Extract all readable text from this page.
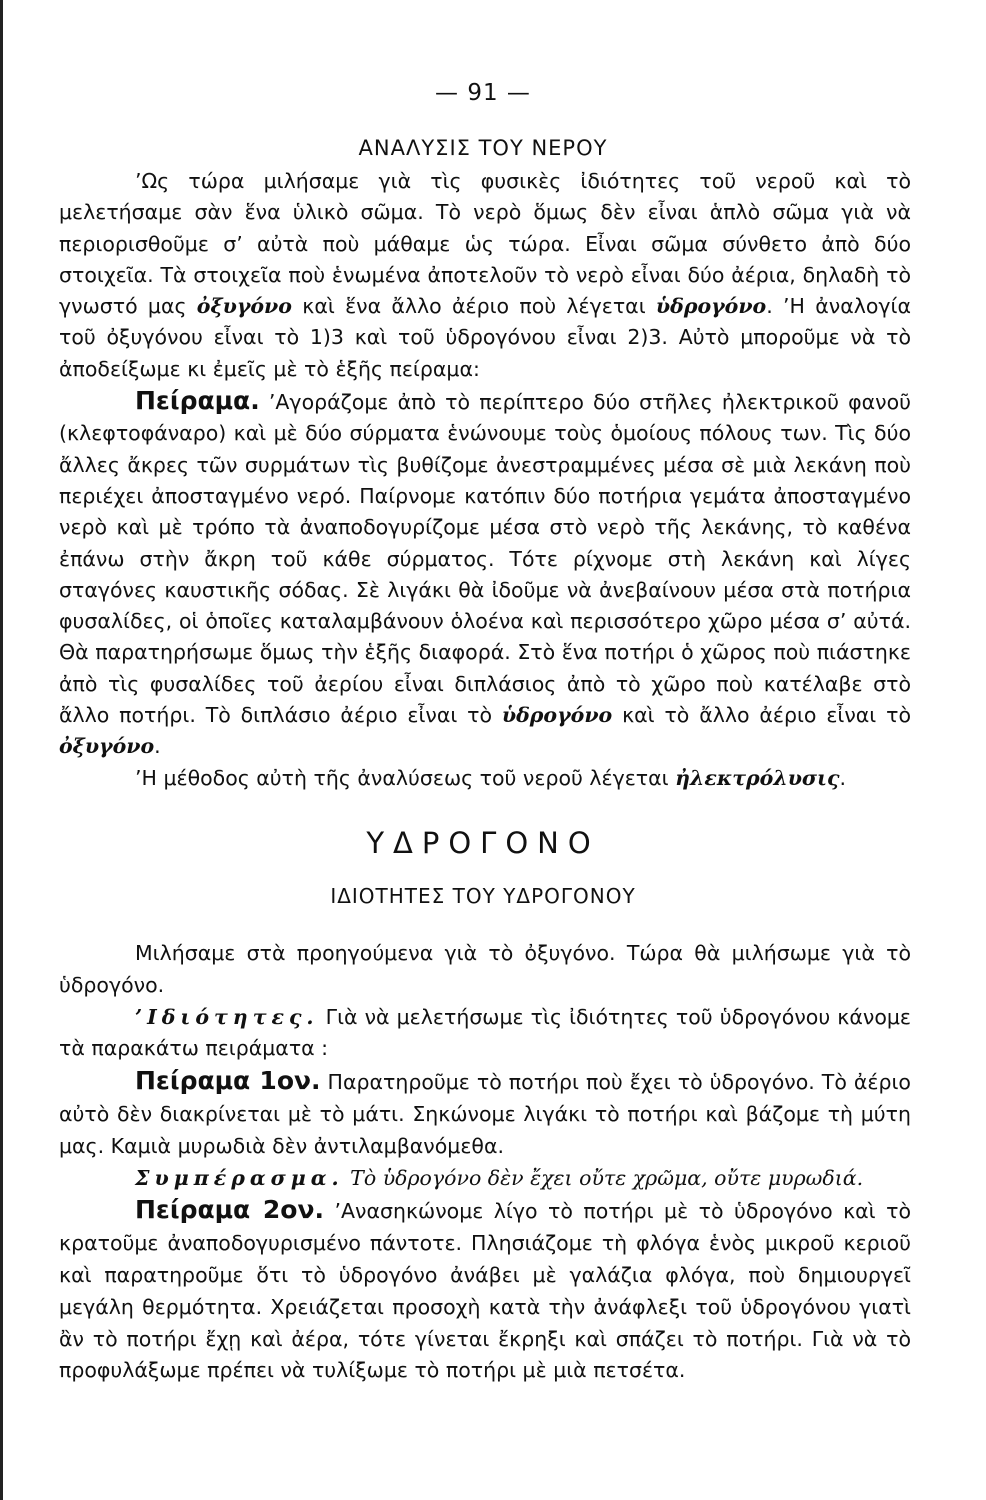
— 91 —
ΑΝΑΛΥΣΙΣ ΤΟΥ ΝΕΡΟΥ

’Ως τώρα μιλήσαμε γιὰ τὶς φυσικὲς ἰδιότητες τοῦ νεροῦ καὶ τὸ μελετήσαμε σὰν ἕνα ὑλικὸ σῶμα. Τὸ νερὸ ὅμως δὲν εἶναι ἁπλὸ σῶμα γιὰ νὰ περιορισθοῦμε σ’ αὐτὰ ποὺ μάθαμε ὡς τώρα. Εἶναι σῶμα σύνθετο ἀπὸ δύο στοιχεῖα. Τὰ στοιχεῖα ποὺ ἑνωμένα ἀποτελοῦν τὸ νερὸ εἶναι δύο ἀέρια, δηλαδὴ τὸ γνωστό μας ὀξυγόνο καὶ ἕνα ἄλλο ἀέριο ποὺ λέγεται ὑδρογόνο. ’Η ἀναλογία τοῦ ὀξυγόνου εἶναι τὸ 1)3 καὶ τοῦ ὑδρογόνου εἶναι 2)3. Αὐτὸ μποροῦμε νὰ τὸ ἀποδείξωμε κι ἐμεῖς μὲ τὸ ἑξῆς πείραμα:

Πείραμα. ’Αγοράζομε ἀπὸ τὸ περίπτερο δύο στῆλες ἠλεκτρικοῦ φανοῦ (κλεφτοφάναρο) καὶ μὲ δύο σύρματα ἑνώνουμε τοὺς ὁμοίους πόλους των. Τὶς δύο ἄλλες ἄκρες τῶν συρμάτων τὶς βυθίζομε ἀνεστραμμένες μέσα σὲ μιὰ λεκάνη ποὺ περιέχει ἀποσταγμένο νερό. Παίρνομε κατόπιν δύο ποτήρια γεμάτα ἀποσταγμένο νερὸ καὶ μὲ τρόπο τὰ ἀναποδογυρίζομε μέσα στὸ νερὸ τῆς λεκάνης, τὸ καθένα ἐπάνω στὴν ἄκρη τοῦ κάθε σύρματος. Τότε ρίχνομε στὴ λεκάνη καὶ λίγες σταγόνες καυστικῆς σόδας. Σὲ λιγάκι θὰ ἰδοῦμε νὰ ἀνεβαίνουν μέσα στὰ ποτήρια φυσαλίδες, οἱ ὁποῖες καταλαμβάνουν ὁλοένα καὶ περισσότερο χῶρο μέσα σ’ αὐτά. Θὰ παρατηρήσωμε ὅμως τὴν ἑξῆς διαφορά. Στὸ ἕνα ποτήρι ὁ χῶρος ποὺ πιάστηκε ἀπὸ τὶς φυσαλίδες τοῦ ἀερίου εἶναι διπλάσιος ἀπὸ τὸ χῶρο ποὺ κατέλαβε στὸ ἄλλο ποτήρι. Τὸ διπλάσιο ἀέριο εἶναι τὸ ὑδρογόνο καὶ τὸ ἄλλο ἀέριο εἶναι τὸ ὀξυγόνο.

’Η μέθοδος αὐτὴ τῆς ἀναλύσεως τοῦ νεροῦ λέγεται ἠλεκτρόλυσις.

ΥΔΡΟΓΟΝΟ
ΙΔΙΟΤΗΤΕΣ ΤΟΥ ΥΔΡΟΓΟΝΟΥ

Μιλήσαμε στὰ προηγούμενα γιὰ τὸ ὀξυγόνο. Τώρα θὰ μιλήσωμε γιὰ τὸ ὑδρογόνο.

’Ιδιότητες. Γιὰ νὰ μελετήσωμε τὶς ἰδιότητες τοῦ ὑδρογόνου κάνομε τὰ παρακάτω πειράματα :

Πείραμα 1ον. Παρατηροῦμε τὸ ποτήρι ποὺ ἔχει τὸ ὑδρογόνο. Τὸ ἀέριο αὐτὸ δὲν διακρίνεται μὲ τὸ μάτι. Σηκώνομε λιγάκι τὸ ποτήρι καὶ βάζομε τὴ μύτη μας. Καμιὰ μυρωδιὰ δὲν ἀντιλαμβανόμεθα.

Συμπέρασμα. Τὸ ὑδρογόνο δὲν ἔχει οὔτε χρῶμα, οὔτε μυρωδιά.

Πείραμα 2ον. ’Ανασηκώνομε λίγο τὸ ποτήρι μὲ τὸ ὑδρογόνο καὶ τὸ κρατοῦμε ἀναποδογυρισμένο πάντοτε. Πλησιάζομε τὴ φλόγα ἑνὸς μικροῦ κεριοῦ καὶ παρατηροῦμε ὅτι τὸ ὑδρογόνο ἀνάβει μὲ γαλάζια φλόγα, ποὺ δημιουργεῖ μεγάλη θερμότητα. Χρειάζεται προσοχὴ κατὰ τὴν ἀνάφλεξι τοῦ ὑδρογόνου γιατὶ ἂν τὸ ποτήρι ἔχῃ καὶ ἀέρα, τότε γίνεται ἔκρηξι καὶ σπάζει τὸ ποτήρι. Γιὰ νὰ τὸ προφυλάξωμε πρέπει νὰ τυλίξωμε τὸ ποτήρι μὲ μιὰ πετσέτα.
